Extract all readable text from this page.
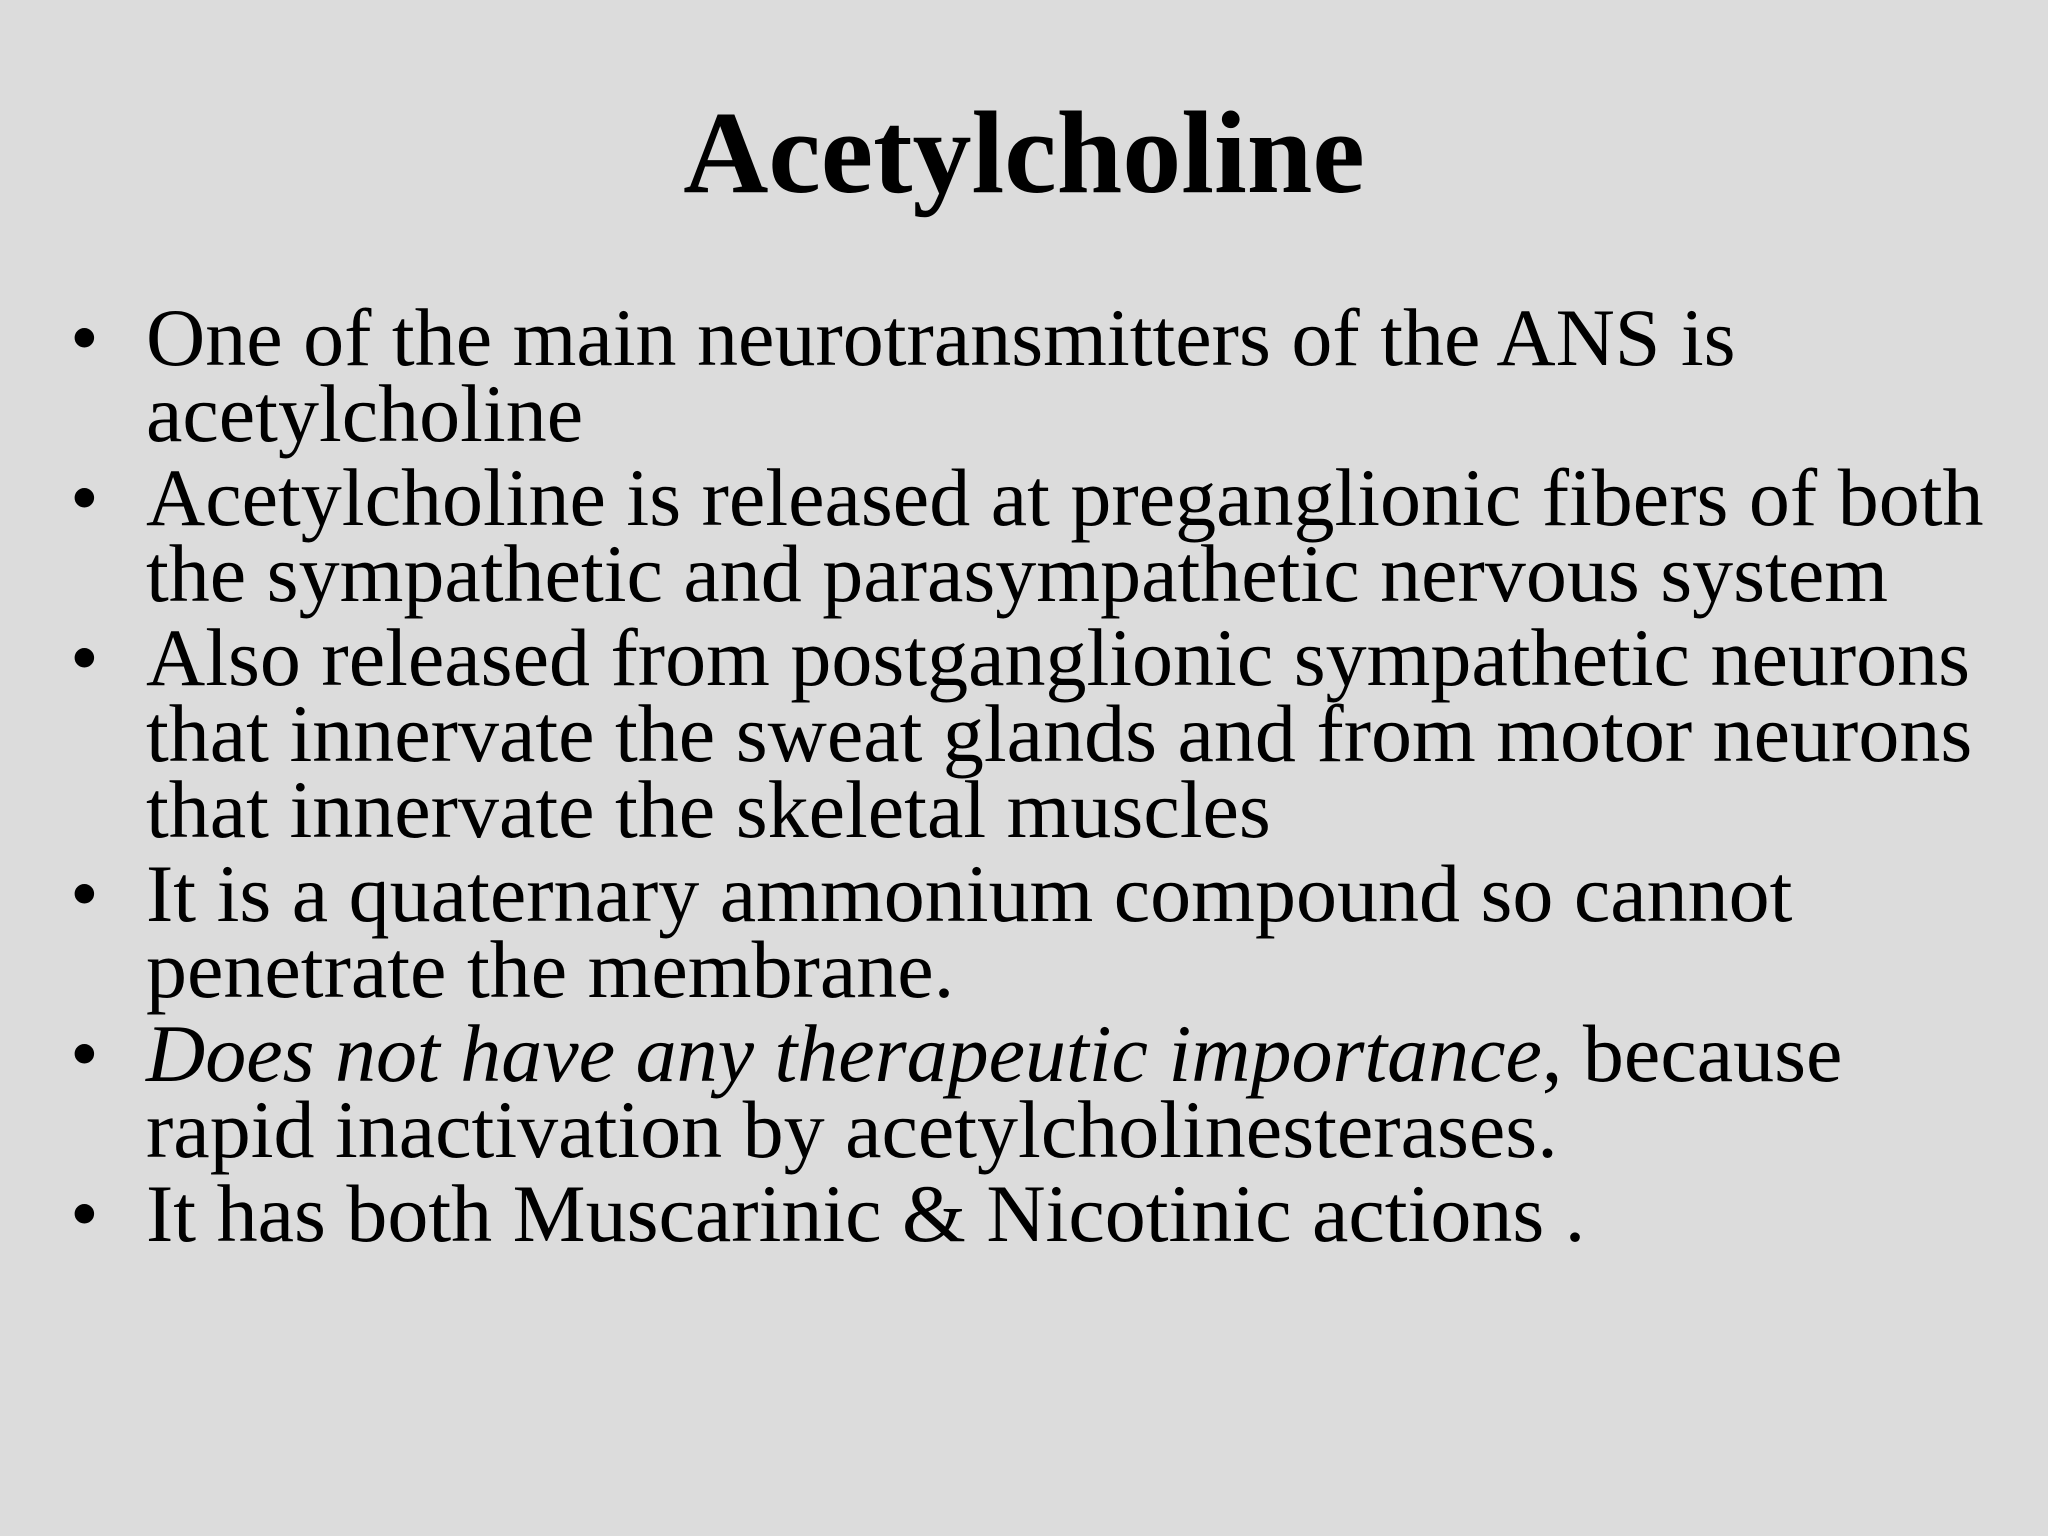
Acetylcholine
• One of the main neurotransmitters of the ANS is acetylcholine
• Acetylcholine is released at preganglionic fibers of both the sympathetic and parasympathetic nervous system
• Also released from postganglionic sympathetic neurons that innervate the sweat glands and from motor neurons that innervate the skeletal muscles
• It is a quaternary ammonium compound so cannot penetrate the membrane.
• Does not have any therapeutic importance, because rapid inactivation by acetylcholinesterases.
• It has both Muscarinic & Nicotinic actions .
